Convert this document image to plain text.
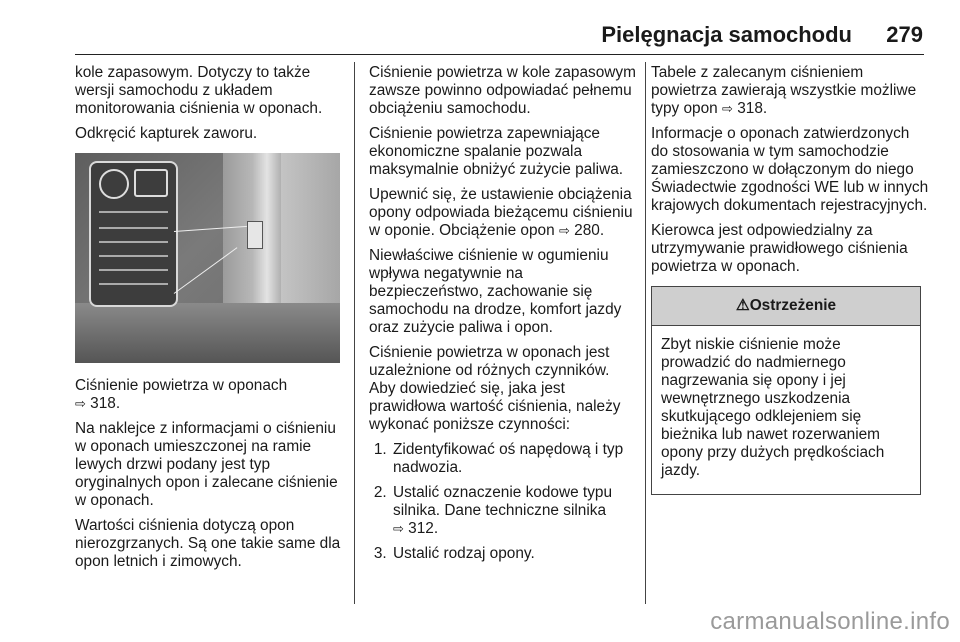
Pielęgnacja samochodu 279

kole zapasowym. Dotyczy to także wersji samochodu z układem monitorowania ciśnienia w oponach.

Odkręcić kapturek zaworu.

Ciśnienie powietrza w oponach
⇨ 318.

Na naklejce z informacjami o ciśnieniu w oponach umieszczonej na ramie lewych drzwi podany jest typ oryginalnych opon i zalecane ciśnienie w oponach.

Wartości ciśnienia dotyczą opon nierozgrzanych. Są one takie same dla opon letnich i zimowych.

Ciśnienie powietrza w kole zapasowym zawsze powinno odpowiadać pełnemu obciążeniu samochodu.

Ciśnienie powietrza zapewniające ekonomiczne spalanie pozwala maksymalnie obniżyć zużycie paliwa.

Upewnić się, że ustawienie obciążenia opony odpowiada bieżącemu ciśnieniu w oponie. Obciążenie opon ⇨ 280.

Niewłaściwe ciśnienie w ogumieniu wpływa negatywnie na bezpieczeństwo, zachowanie się samochodu na drodze, komfort jazdy oraz zużycie paliwa i opon.

Ciśnienie powietrza w oponach jest uzależnione od różnych czynników. Aby dowiedzieć się, jaka jest prawidłowa wartość ciśnienia, należy wykonać poniższe czynności:

1. Zidentyfikować oś napędową i typ nadwozia.
2. Ustalić oznaczenie kodowe typu silnika. Dane techniczne silnika
⇨ 312.
3. Ustalić rodzaj opony.

Tabele z zalecanym ciśnieniem powietrza zawierają wszystkie możliwe typy opon ⇨ 318.

Informacje o oponach zatwierdzonych do stosowania w tym samochodzie zamieszczono w dołączonym do niego Świadectwie zgodności WE lub w innych krajowych dokumentach rejestracyjnych.

Kierowca jest odpowiedzialny za utrzymywanie prawidłowego ciśnienia powietrza w oponach.

⚠Ostrzeżenie
Zbyt niskie ciśnienie może prowadzić do nadmiernego nagrzewania się opony i jej wewnętrznego uszkodzenia skutkującego odklejeniem się bieżnika lub nawet rozerwaniem opony przy dużych prędkościach jazdy.
carmanualsonline.info
